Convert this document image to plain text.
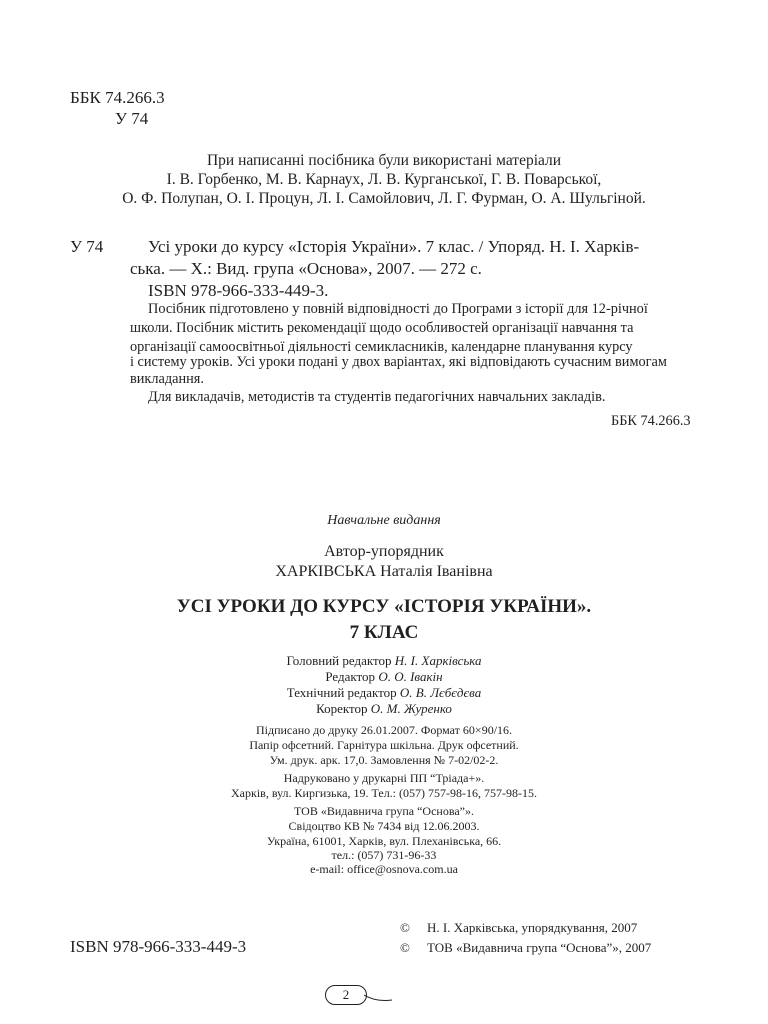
ББК 74.266.3
У 74
При написанні посібника були використані матеріали
І. В. Горбенко, М. В. Карнаух, Л. В. Курганської, Г. В. Поварської,
О. Ф. Полупан, О. І. Процун, Л. І. Самойлович, Л. Г. Фурман, О. А. Шульгіной.
У 74	Усі уроки до курсу «Історія України». 7 клас. / Упоряд. Н. І. Харків-
ська. — Х.: Вид. група «Основа», 2007. — 272 с.
ISBN 978-966-333-449-3.
Посібник підготовлено у повній відповідності до Програми з історії для 12-річної
школи. Посібник містить рекомендації щодо особливостей організації навчання та
організації самоосвітньої діяльності семикласників, календарне планування курсу
і систему уроків. Усі уроки подані у двох варіантах, які відповідають сучасним вимогам
викладання.
Для викладачів, методистів та студентів педагогічних навчальних закладів.
ББК 74.266.3
Навчальне видання
Автор-упорядник
ХАРКІВСЬКА Наталія Іванівна
УСІ УРОКИ ДО КУРСУ «ІСТОРІЯ УКРАЇНИ».
7 КЛАС
Головний редактор Н. І. Харківська
Редактор О. О. Івакін
Технічний редактор О. В. Лєбєдєва
Коректор О. М. Журенко
Підписано до друку 26.01.2007. Формат 60×90/16.
Папір офсетний. Гарнітура шкільна. Друк офсетний.
Ум. друк. арк. 17,0. Замовлення № 7-02/02-2.
Надруковано у друкарні ПП “Тріада+».
Харків, вул. Киргизька, 19. Тел.: (057) 757-98-16, 757-98-15.
ТОВ «Видавнича група “Основа”».
Свідоцтво КВ № 7434 від 12.06.2003.
Україна, 61001, Харків, вул. Плеханівська, 66.
тел.: (057) 731-96-33
e-mail: office@osnova.com.ua
ISBN 978-966-333-449-3
© Н. І. Харківська, упорядкування, 2007
© ТОВ «Видавнича група “Основа”», 2007
2
